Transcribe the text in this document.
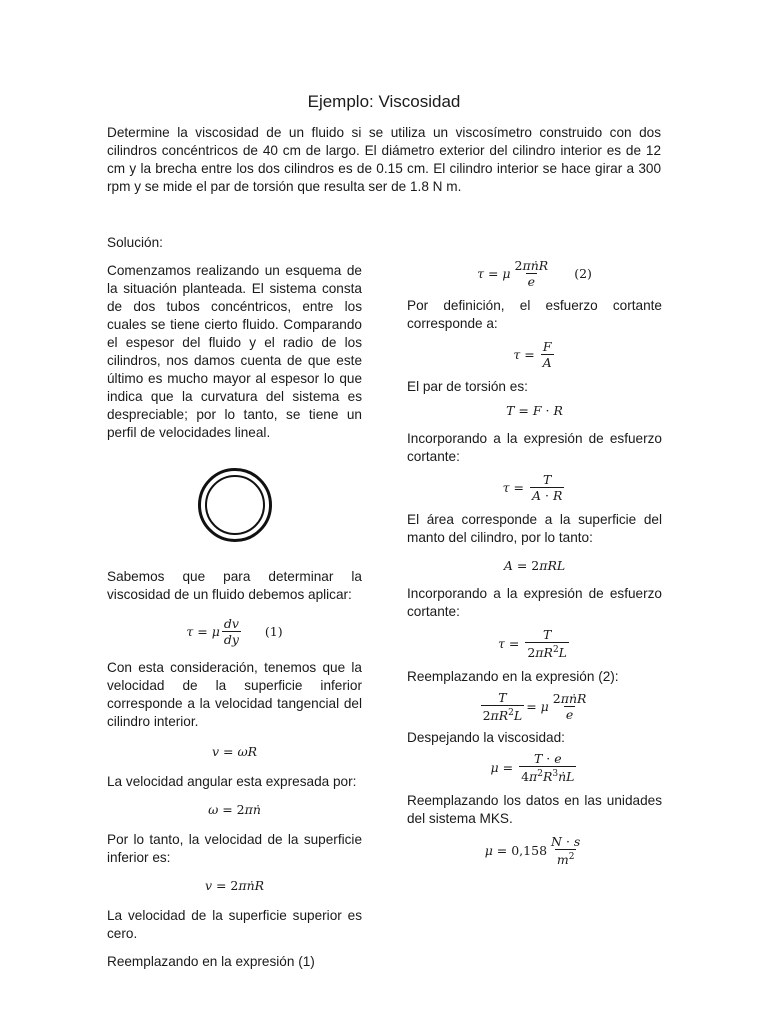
Ejemplo: Viscosidad
Determine la viscosidad de un fluido si se utiliza un viscosímetro construido con dos cilindros concéntricos de 40 cm de largo. El diámetro exterior del cilindro interior es de 12 cm y la brecha entre los dos cilindros es de 0.15 cm. El cilindro interior se hace girar a 300 rpm y se mide el par de torsión que resulta ser de 1.8 N m.
Solución:

Comenzamos realizando un esquema de la situación planteada. El sistema consta de dos tubos concéntricos, entre los cuales se tiene cierto fluido. Comparando el espesor del fluido y el radio de los cilindros, nos damos cuenta de que este último es mucho mayor al espesor lo que indica que la curvatura del sistema es despreciable; por lo tanto, se tiene un perfil de velocidades lineal.

Sabemos que para determinar la viscosidad de un fluido debemos aplicar:

τ = μ $\frac{dv}{dy} (1)$

Con esta consideración, tenemos que la velocidad de la superficie inferior corresponde a la velocidad tangencial del cilindro interior.

v = ωR

La velocidad angular esta expresada por:

ω = 2 πṅ

Por lo tanto, la velocidad de la superficie inferior es:

v = 2 πṅR

La velocidad de la superficie superior es cero.

Reemplazando en la expresión (1)

τ = μ $\frac{\text{2πṅR}}{e} (2)$

Por definición, el esfuerzo cortante corresponde a:

$\tau = \frac{F}{A}$

El par de torsión es:

T = F · R

Incorporando a la expresión de esfuerzo cortante:

$\tau = \frac{T}{A \cdot R}$

El área corresponde a la superficie del manto del cilindro, por lo tanto:

A = 2 πRL

Incorporando a la expresión de esfuerzo cortante:

$\tau = \frac{T}{2\pi R^2L}$

Reemplazando en la expresión (2):

$\frac{T}{2\pi R^2L} = \mu \frac{\text{2πṅR}}{e}$

Despejando la viscosidad:

$\mu = \frac{T \cdot e}{4\pi^2R^3ṅL}$

Reemplazando los datos en las unidades del sistema MKS.

$\mu = 0,158 \frac{N \cdot s}{m^2}$
